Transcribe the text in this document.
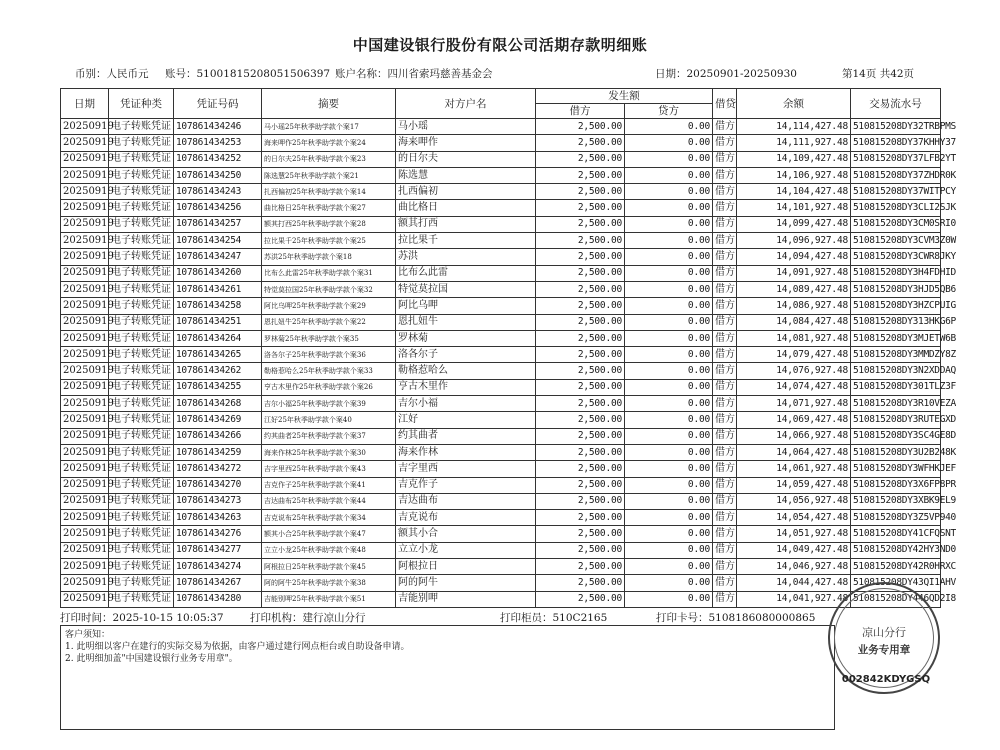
中国建设银行股份有限公司活期存款明细账
币别：人民币元 账号：51001815208051506397 账户名称：四川省索玛慈善基金会	日期：20250901-20250930	第14页 共42页
日期	凭证种类	凭证号码	摘要	对方户名	发生额		借贷	余额	交易流水号
					借方	贷方			
20250919	电子转账凭证	107861434246	马小瑶25年秋季助学款个案17	马小瑶	2,500.00	0.00	借方	14,114,427.48	510815208DY32TRBPMS
20250919	电子转账凭证	107861434253	海来呷作25年秋季助学款个案24	海来呷作	2,500.00	0.00	借方	14,111,927.48	510815208DY37KHHY37
20250919	电子转账凭证	107861434252	的日尔夫25年秋季助学款个案23	的日尔夫	2,500.00	0.00	借方	14,109,427.48	510815208DY37LFB2YT
20250919	电子转账凭证	107861434250	陈选慧25年秋季助学款个案21	陈选慧	2,500.00	0.00	借方	14,106,927.48	510815208DY37ZHDR0K
20250919	电子转账凭证	107861434243	扎西偏初25年秋季助学款个案14	扎西偏初	2,500.00	0.00	借方	14,104,427.48	510815208DY37WITPCY
20250919	电子转账凭证	107861434256	曲比格日25年秋季助学款个案27	曲比格日	2,500.00	0.00	借方	14,101,927.48	510815208DY3CLI2SJK
20250919	电子转账凭证	107861434257	额其打西25年秋季助学款个案28	额其打西	2,500.00	0.00	借方	14,099,427.48	510815208DY3CM0SRI0
20250919	电子转账凭证	107861434254	拉比果千25年秋季助学款个案25	拉比果千	2,500.00	0.00	借方	14,096,927.48	510815208DY3CVM3Z0W
20250919	电子转账凭证	107861434247	苏洪25年秋季助学款个案18	苏洪	2,500.00	0.00	借方	14,094,427.48	510815208DY3CWR8JKY
20250919	电子转账凭证	107861434260	比布么此雷25年秋季助学款个案31	比布么此雷	2,500.00	0.00	借方	14,091,927.48	510815208DY3H4FDHID
20250919	电子转账凭证	107861434261	特觉莫拉国25年秋季助学款个案32	特觉莫拉国	2,500.00	0.00	借方	14,089,427.48	510815208DY3HJD5QB6
20250919	电子转账凭证	107861434258	阿比乌呷25年秋季助学款个案29	阿比乌呷	2,500.00	0.00	借方	14,086,927.48	510815208DY3HZCPUIG
20250919	电子转账凭证	107861434251	恩扎妞牛25年秋季助学款个案22	恩扎妞牛	2,500.00	0.00	借方	14,084,427.48	510815208DY313HKG6P
20250919	电子转账凭证	107861434264	罗林菊25年秋季助学款个案35	罗林菊	2,500.00	0.00	借方	14,081,927.48	510815208DY3MJETW6B
20250919	电子转账凭证	107861434265	洛各尔子25年秋季助学款个案36	洛各尔子	2,500.00	0.00	借方	14,079,427.48	510815208DY3MMDZY8Z
20250919	电子转账凭证	107861434262	勒格惹哈么25年秋季助学款个案33	勒格惹哈么	2,500.00	0.00	借方	14,076,927.48	510815208DY3N2XDDAQ
20250919	电子转账凭证	107861434255	亨古木里作25年秋季助学款个案26	亨古木里作	2,500.00	0.00	借方	14,074,427.48	510815208DY301TLZ3F
20250919	电子转账凭证	107861434268	吉尔小福25年秋季助学款个案39	吉尔小福	2,500.00	0.00	借方	14,071,927.48	510815208DY3R10VEZA
20250919	电子转账凭证	107861434269	江好25年秋季助学款个案40	江好	2,500.00	0.00	借方	14,069,427.48	510815208DY3RUTEGXD
20250919	电子转账凭证	107861434266	约其曲者25年秋季助学款个案37	约其曲者	2,500.00	0.00	借方	14,066,927.48	510815208DY3SC4GE8D
20250919	电子转账凭证	107861434259	海来作林25年秋季助学款个案30	海来作林	2,500.00	0.00	借方	14,064,427.48	510815208DY3U2B248K
20250919	电子转账凭证	107861434272	吉字里西25年秋季助学款个案43	吉字里西	2,500.00	0.00	借方	14,061,927.48	510815208DY3WFHKJEF
20250919	电子转账凭证	107861434270	吉克作子25年秋季助学款个案41	吉克作子	2,500.00	0.00	借方	14,059,427.48	510815208DY3X6FP8PR
20250919	电子转账凭证	107861434273	吉达曲布25年秋季助学款个案44	吉达曲布	2,500.00	0.00	借方	14,056,927.48	510815208DY3XBK9EL9
20250919	电子转账凭证	107861434263	吉克说布25年秋季助学款个案34	吉克说布	2,500.00	0.00	借方	14,054,427.48	510815208DY3Z5VP940
20250919	电子转账凭证	107861434276	额其小合25年秋季助学款个案47	额其小合	2,500.00	0.00	借方	14,051,927.48	510815208DY41CFQSNT
20250919	电子转账凭证	107861434277	立立小龙25年秋季助学款个案48	立立小龙	2,500.00	0.00	借方	14,049,427.48	510815208DY42HY3ND0
20250919	电子转账凭证	107861434274	阿根拉日25年秋季助学款个案45	阿根拉日	2,500.00	0.00	借方	14,046,927.48	510815208DY42R0HRXC
20250919	电子转账凭证	107861434267	阿的阿牛25年秋季助学款个案38	阿的阿牛	2,500.00	0.00	借方	14,044,427.48	510815208DY43QI1AHV
20250919	电子转账凭证	107861434280	吉能别呷25年秋季助学款个案51	吉能别呷	2,500.00	0.00	借方	14,041,927.48	510815208DY446QD2I8
打印时间：2025-10-15 10:05:37	打印机构：建行凉山分行	打印柜员：510C2165	打印卡号：5108186080000865
客户须知：
1. 此明细以客户在建行的实际交易为依据，由客户通过建行网点柜台或自助设备申请。
2. 此明细加盖"中国建设银行业务专用章"。
凉山分行
业务专用章
002842KDYGSQ
